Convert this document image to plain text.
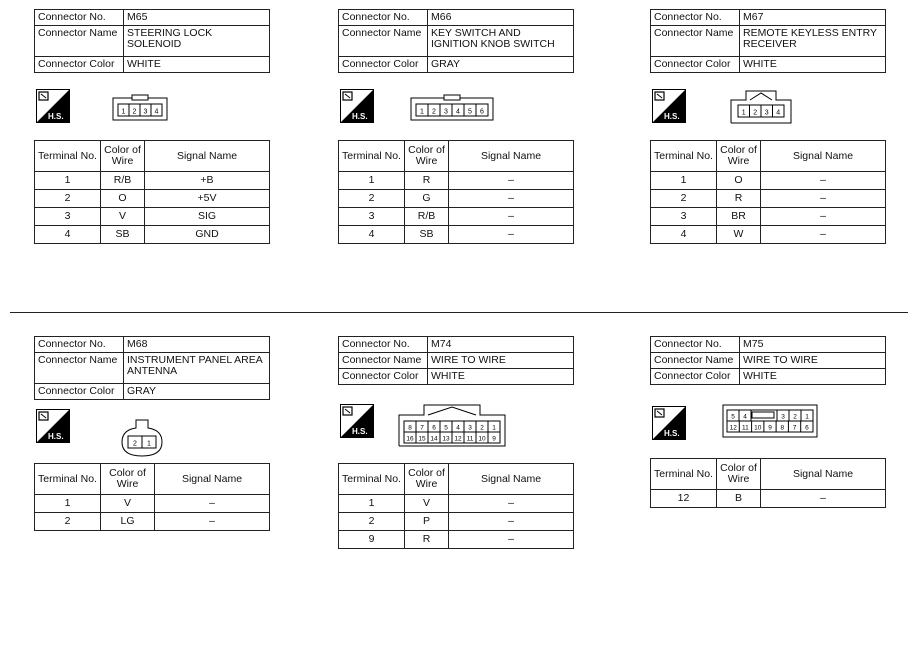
Connector No.	M65
Connector Name	STEERING LOCK SOLENOID
Connector Color	WHITE
H.S.	1 2 3 4
Terminal No.	Color of Wire	Signal Name
1	R/B	+B
2	O	+5V
3	V	SIG
4	SB	GND
Connector No.	M66
Connector Name	KEY SWITCH AND IGNITION KNOB SWITCH
Connector Color	GRAY
H.S.	1 2 3 4 5 6
Terminal No.	Color of Wire	Signal Name
1	R	–
2	G	–
3	R/B	–
4	SB	–
Connector No.	M67
Connector Name	REMOTE KEYLESS ENTRY RECEIVER
Connector Color	WHITE
H.S.	1 2 3 4
Terminal No.	Color of Wire	Signal Name
1	O	–
2	R	–
3	BR	–
4	W	–
Connector No.	M68
Connector Name	INSTRUMENT PANEL AREA ANTENNA
Connector Color	GRAY
H.S.
2 1
Terminal No.	Color of Wire	Signal Name
1	V	–
2	LG	–
Connector No.	M74
Connector Name	WIRE TO WIRE
Connector Color	WHITE
H.S.	8 7 6 5 4 3 2 1
16 15 14 13 12 11 10 9
Terminal No.	Color of Wire	Signal Name
1	V	–
2	P	–
9	R	–
Connector No.	M75
Connector Name	WIRE TO WIRE
Connector Color	WHITE
H.S.
5 4	3 2 1
12 11 10 9 8 7 6
Terminal No.	Color of Wire	Signal Name
12	B	–
